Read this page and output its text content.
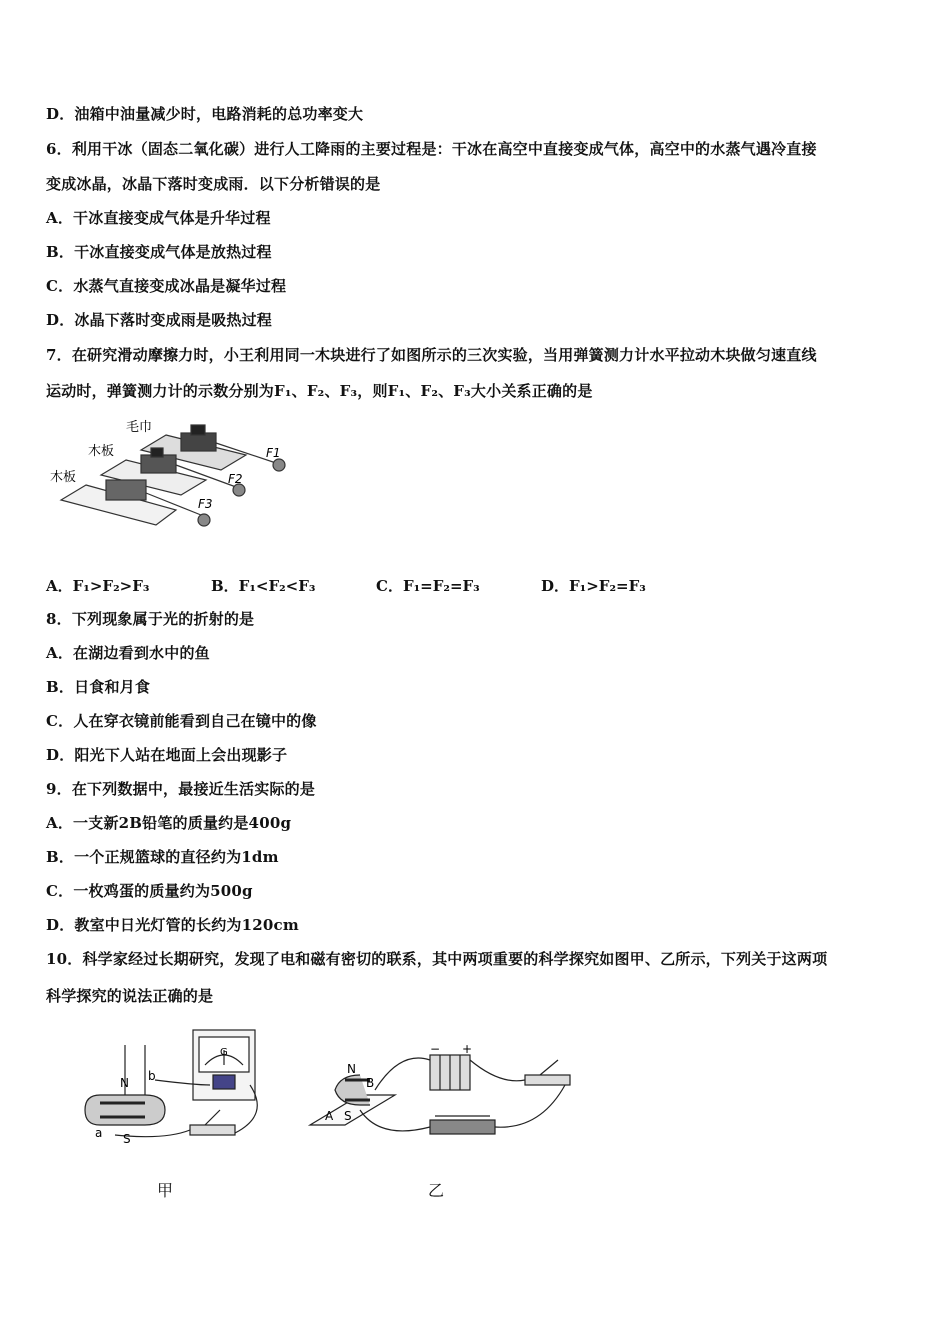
D．油箱中油量减少时，电路消耗的总功率变大
6．利用干冰（固态二氧化碳）进行人工降雨的主要过程是：干冰在高空中直接变成气体，高空中的水蒸气遇冷直接
变成冰晶，冰晶下落时变成雨．以下分析错误的是
A．干冰直接变成气体是升华过程
B．干冰直接变成气体是放热过程
C．水蒸气直接变成冰晶是凝华过程
D．冰晶下落时变成雨是吸热过程
7．在研究滑动摩擦力时，小王利用同一木块进行了如图所示的三次实验，当用弹簧测力计水平拉动木块做匀速直线
运动时，弹簧测力计的示数分别为F₁、F₂、F₃，则F₁、F₂、F₃大小关系正确的是
毛巾
木板
木板
F1
F2
F3
A．F₁>F₂>F₃	B．F₁<F₂<F₃	C．F₁=F₂=F₃	D．F₁>F₂=F₃
8．下列现象属于光的折射的是
A．在湖边看到水中的鱼
B．日食和月食
C．人在穿衣镜前能看到自己在镜中的像
D．阳光下人站在地面上会出现影子
9．在下列数据中，最接近生活实际的是
A．一支新2B铅笔的质量约是400g
B．一个正规篮球的直径约为1dm
C．一枚鸡蛋的质量约为500g
D．教室中日光灯管的长约为120cm
10．科学家经过长期研究，发现了电和磁有密切的联系，其中两项重要的科学探究如图甲、乙所示，下列关于这两项
科学探究的说法正确的是
N
S
a
b
G
N
S
A
B
− +
甲	乙
